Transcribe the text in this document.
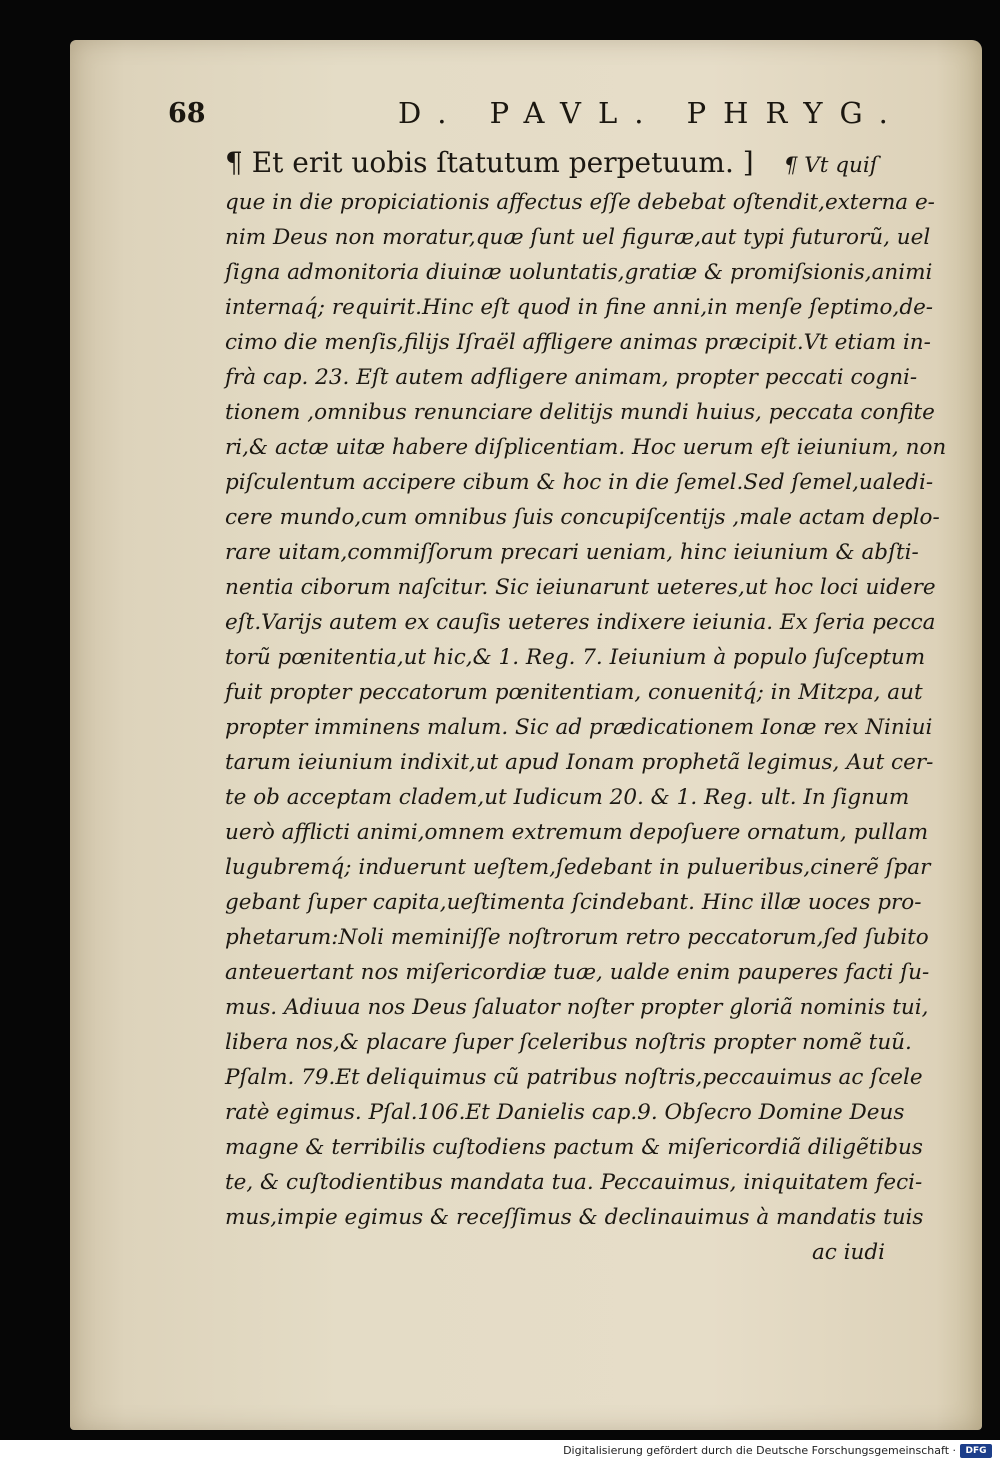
68	D. PAVL. PHRYG.
¶ Et erit uobis ſtatutum perpetuum. ] ¶ Vt quiſ
que in die propiciationis affectus eſſe debebat oſtendit,externa e-
nim Deus non moratur,quæ ſunt uel figuræ,aut typi futurorũ, uel
ſigna admonitoria diuinæ uoluntatis,gratiæ & promiſsionis,animi
internaq́; requirit.Hinc eſt quod in fine anni,in menſe ſeptimo,de-
cimo die menſis,filijs Iſraël affligere animas præcipit.Vt etiam in-
frà cap. 23. Eſt autem adfligere animam, propter peccati cogni-
tionem ,omnibus renunciare delitijs mundi huius, peccata confite
ri,& actæ uitæ habere diſplicentiam. Hoc uerum eſt ieiunium, non
piſculentum accipere cibum & hoc in die ſemel.Sed ſemel,ualedi-
cere mundo,cum omnibus ſuis concupiſcentijs ,male actam deplo-
rare uitam,commiſſorum precari ueniam, hinc ieiunium & abſti-
nentia ciborum naſcitur. Sic ieiunarunt ueteres,ut hoc loci uidere
eſt.Varijs autem ex cauſis ueteres indixere ieiunia. Ex ſeria pecca
torũ pœnitentia,ut hic,& 1. Reg. 7. Ieiunium à populo ſuſceptum
fuit propter peccatorum pœnitentiam, conuenitq́; in Mitzpa, aut
propter imminens malum. Sic ad prædicationem Ionæ rex Niniui
tarum ieiunium indixit,ut apud Ionam prophetã legimus, Aut cer-
te ob acceptam cladem,ut Iudicum 20. & 1. Reg. ult. In ſignum
uerò afflicti animi,omnem extremum depoſuere ornatum, pullam
lugubremq́; induerunt ueſtem,ſedebant in pulueribus,cinerẽ ſpar
gebant ſuper capita,ueſtimenta ſcindebant. Hinc illæ uoces pro-
phetarum:Noli meminiſſe noſtrorum retro peccatorum,ſed ſubito
anteuertant nos miſericordiæ tuæ, ualde enim pauperes facti ſu-
mus. Adiuua nos Deus ſaluator noſter propter gloriã nominis tui,
libera nos,& placare ſuper ſceleribus noſtris propter nomẽ tuũ.
Pſalm. 79.Et deliquimus cũ patribus noſtris,peccauimus ac ſcele
ratè egimus. Pſal.106.Et Danielis cap.9. Obſecro Domine Deus
magne & terribilis cuſtodiens pactum & miſericordiã diligẽtibus
te, & cuſtodientibus mandata tua. Peccauimus, iniquitatem feci-
mus,impie egimus & receſſimus & declinauimus à mandatis tuis
ac iudi
Digitalisierung gefördert durch die Deutsche Forschungsgemeinschaft ·	DFG
